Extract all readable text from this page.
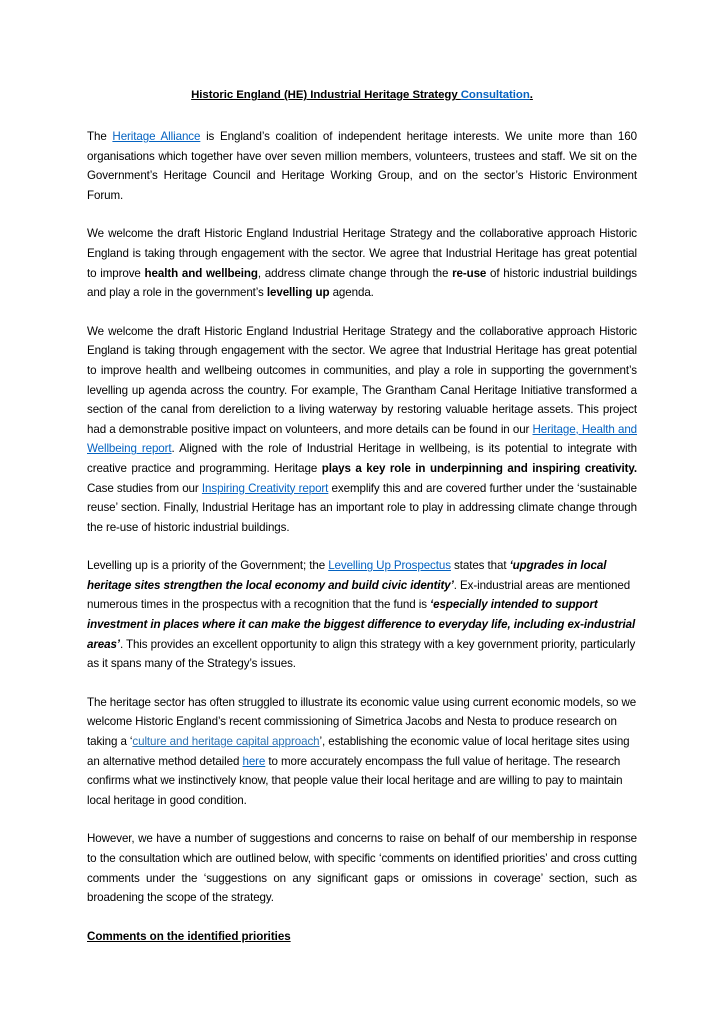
Historic England (HE) Industrial Heritage Strategy Consultation.

The Heritage Alliance is England’s coalition of independent heritage interests. We unite more than 160 organisations which together have over seven million members, volunteers, trustees and staff. We sit on the Government’s Heritage Council and Heritage Working Group, and on the sector’s Historic Environment Forum.

We welcome the draft Historic England Industrial Heritage Strategy and the collaborative approach Historic England is taking through engagement with the sector. We agree that Industrial Heritage has great potential to improve health and wellbeing, address climate change through the re-use of historic industrial buildings and play a role in the government’s levelling up agenda.

We welcome the draft Historic England Industrial Heritage Strategy and the collaborative approach Historic England is taking through engagement with the sector. We agree that Industrial Heritage has great potential to improve health and wellbeing outcomes in communities, and play a role in supporting the government’s levelling up agenda across the country. For example, The Grantham Canal Heritage Initiative transformed a section of the canal from dereliction to a living waterway by restoring valuable heritage assets. This project had a demonstrable positive impact on volunteers, and more details can be found in our Heritage, Health and Wellbeing report. Aligned with the role of Industrial Heritage in wellbeing, is its potential to integrate with creative practice and programming. Heritage plays a key role in underpinning and inspiring creativity. Case studies from our Inspiring Creativity report exemplify this and are covered further under the ‘sustainable reuse’ section. Finally, Industrial Heritage has an important role to play in addressing climate change through the re-use of historic industrial buildings.

Levelling up is a priority of the Government; the Levelling Up Prospectus states that ‘upgrades in local heritage sites strengthen the local economy and build civic identity’. Ex-industrial areas are mentioned numerous times in the prospectus with a recognition that the fund is ‘especially intended to support investment in places where it can make the biggest difference to everyday life, including ex-industrial areas’. This provides an excellent opportunity to align this strategy with a key government priority, particularly as it spans many of the Strategy’s issues.

The heritage sector has often struggled to illustrate its economic value using current economic models, so we welcome Historic England’s recent commissioning of Simetrica Jacobs and Nesta to produce research on taking a ‘culture and heritage capital approach’, establishing the economic value of local heritage sites using an alternative method detailed here to more accurately encompass the full value of heritage. The research confirms what we instinctively know, that people value their local heritage and are willing to pay to maintain local heritage in good condition.

However, we have a number of suggestions and concerns to raise on behalf of our membership in response to the consultation which are outlined below, with specific ‘comments on identified priorities’ and cross cutting comments under the ‘suggestions on any significant gaps or omissions in coverage’ section, such as broadening the scope of the strategy.

Comments on the identified priorities
